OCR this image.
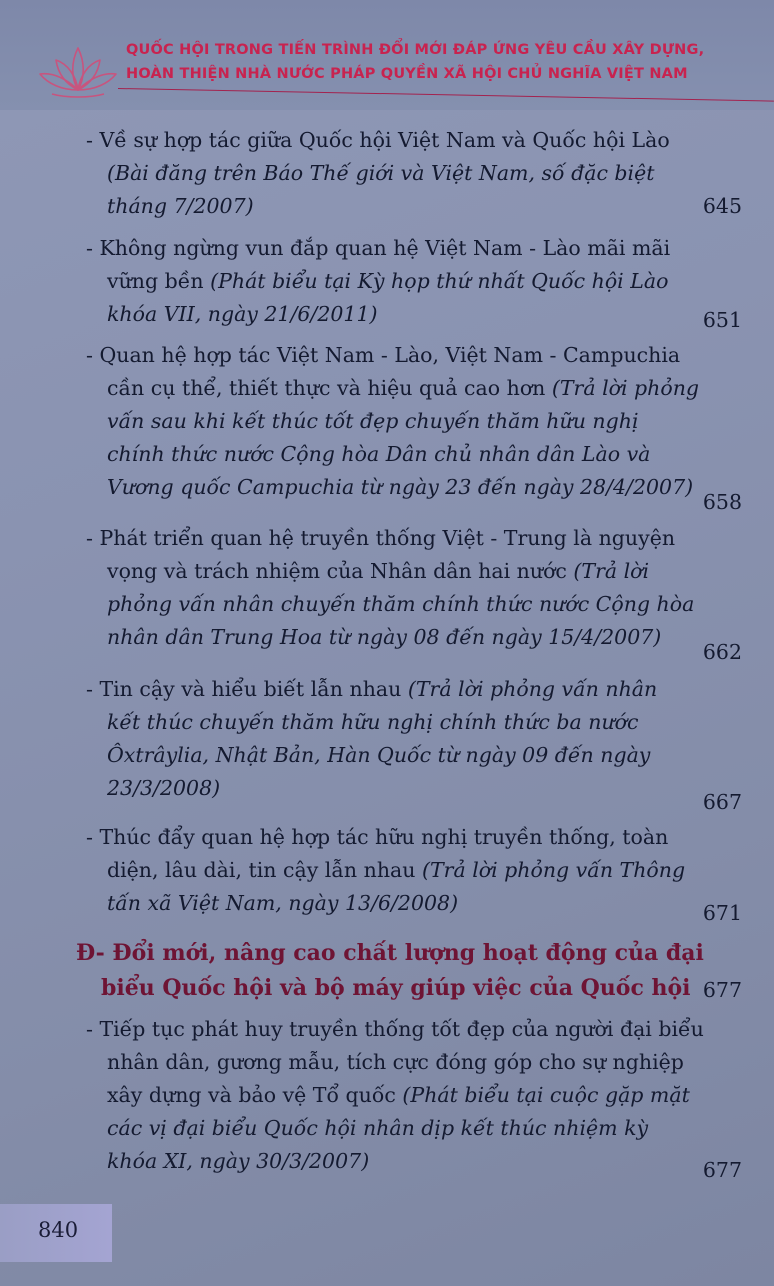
QUỐC HỘI TRONG TIẾN TRÌNH ĐỔI MỚI ĐÁP ỨNG YÊU CẦU XÂY DỰNG,
HOÀN THIỆN NHÀ NƯỚC PHÁP QUYỀN XÃ HỘI CHỦ NGHĨA VIỆT NAM
- Về sự hợp tác giữa Quốc hội Việt Nam và Quốc hội Lào
(Bài đăng trên Báo Thế giới và Việt Nam, số đặc biệt
tháng 7/2007)	645
- Không ngừng vun đắp quan hệ Việt Nam - Lào mãi mãi
vững bền (Phát biểu tại Kỳ họp thứ nhất Quốc hội Lào
khóa VII, ngày 21/6/2011)	651
- Quan hệ hợp tác Việt Nam - Lào, Việt Nam - Campuchia
cần cụ thể, thiết thực và hiệu quả cao hơn (Trả lời phỏng
vấn sau khi kết thúc tốt đẹp chuyến thăm hữu nghị
chính thức nước Cộng hòa Dân chủ nhân dân Lào và
Vương quốc Campuchia từ ngày 23 đến ngày 28/4/2007)
658
- Phát triển quan hệ truyền thống Việt - Trung là nguyện
vọng và trách nhiệm của Nhân dân hai nước (Trả lời
phỏng vấn nhân chuyến thăm chính thức nước Cộng hòa
nhân dân Trung Hoa từ ngày 08 đến ngày 15/4/2007)
662
- Tin cậy và hiểu biết lẫn nhau (Trả lời phỏng vấn nhân
kết thúc chuyến thăm hữu nghị chính thức ba nước
Ôxtrâylia, Nhật Bản, Hàn Quốc từ ngày 09 đến ngày
23/3/2008)
667
- Thúc đẩy quan hệ hợp tác hữu nghị truyền thống, toàn
diện, lâu dài, tin cậy lẫn nhau (Trả lời phỏng vấn Thông
tấn xã Việt Nam, ngày 13/6/2008)	671
Đ- Đổi mới, nâng cao chất lượng hoạt động của đại
biểu Quốc hội và bộ máy giúp việc của Quốc hội 677
- Tiếp tục phát huy truyền thống tốt đẹp của người đại biểu
nhân dân, gương mẫu, tích cực đóng góp cho sự nghiệp
xây dựng và bảo vệ Tổ quốc (Phát biểu tại cuộc gặp mặt
các vị đại biểu Quốc hội nhân dịp kết thúc nhiệm kỳ
khóa XI, ngày 30/3/2007)	677
840
